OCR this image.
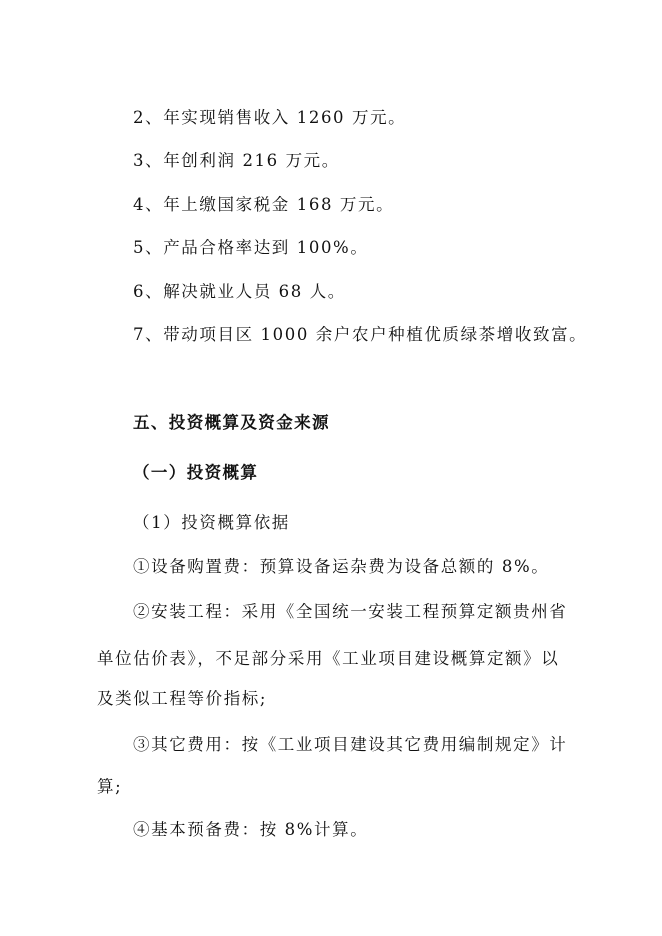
2、年实现销售收入 1260 万元。
3、年创利润 216 万元。
4、年上缴国家税金 168 万元。
5、产品合格率达到 100%。
6、解决就业人员 68 人。
7、带动项目区 1000 余户农户种植优质绿茶增收致富。
五、投资概算及资金来源
（一）投资概算
（1）投资概算依据
①设备购置费：预算设备运杂费为设备总额的 8%。
②安装工程：采用《全国统一安装工程预算定额贵州省
单位估价表》，不足部分采用《工业项目建设概算定额》以
及类似工程等价指标;
③其它费用：按《工业项目建设其它费用编制规定》计
算;
④基本预备费：按 8%计算。
